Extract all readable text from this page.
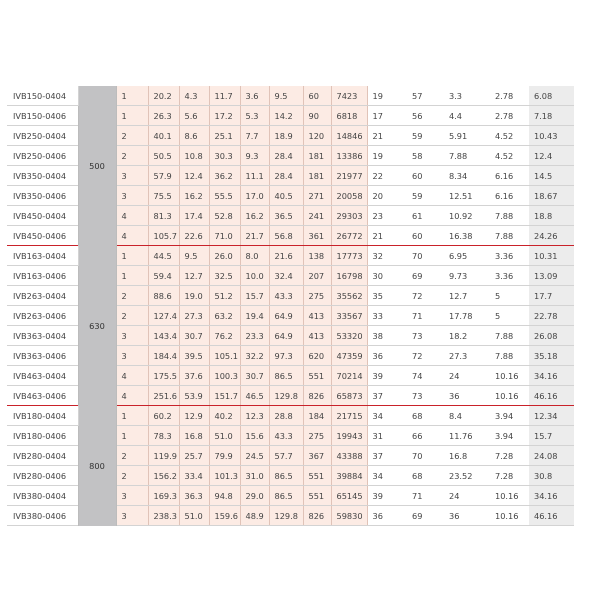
IVB150-0404	500	1	20.2	4.3	11.7	3.6	9.5	60	7423	19	57	3.3	2.78	6.08
IVB150-0406		1	26.3	5.6	17.2	5.3	14.2	90	6818	17	56	4.4	2.78	7.18
IVB250-0404		2	40.1	8.6	25.1	7.7	18.9	120	14846	21	59	5.91	4.52	10.43
IVB250-0406		2	50.5	10.8	30.3	9.3	28.4	181	13386	19	58	7.88	4.52	12.4
IVB350-0404		3	57.9	12.4	36.2	11.1	28.4	181	21977	22	60	8.34	6.16	14.5
IVB350-0406		3	75.5	16.2	55.5	17.0	40.5	271	20058	20	59	12.51	6.16	18.67
IVB450-0404		4	81.3	17.4	52.8	16.2	36.5	241	29303	23	61	10.92	7.88	18.8
IVB450-0406		4	105.7	22.6	71.0	21.7	56.8	361	26772	21	60	16.38	7.88	24.26
IVB163-0404	630	1	44.5	9.5	26.0	8.0	21.6	138	17773	32	70	6.95	3.36	10.31
IVB163-0406		1	59.4	12.7	32.5	10.0	32.4	207	16798	30	69	9.73	3.36	13.09
IVB263-0404		2	88.6	19.0	51.2	15.7	43.3	275	35562	35	72	12.7	5	17.7
IVB263-0406		2	127.4	27.3	63.2	19.4	64.9	413	33567	33	71	17.78	5	22.78
IVB363-0404		3	143.4	30.7	76.2	23.3	64.9	413	53320	38	73	18.2	7.88	26.08
IVB363-0406		3	184.4	39.5	105.1	32.2	97.3	620	47359	36	72	27.3	7.88	35.18
IVB463-0404		4	175.5	37.6	100.3	30.7	86.5	551	70214	39	74	24	10.16	34.16
IVB463-0406		4	251.6	53.9	151.7	46.5	129.8	826	65873	37	73	36	10.16	46.16
IVB180-0404	800	1	60.2	12.9	40.2	12.3	28.8	184	21715	34	68	8.4	3.94	12.34
IVB180-0406		1	78.3	16.8	51.0	15.6	43.3	275	19943	31	66	11.76	3.94	15.7
IVB280-0404		2	119.9	25.7	79.9	24.5	57.7	367	43388	37	70	16.8	7.28	24.08
IVB280-0406		2	156.2	33.4	101.3	31.0	86.5	551	39884	34	68	23.52	7.28	30.8
IVB380-0404		3	169.3	36.3	94.8	29.0	86.5	551	65145	39	71	24	10.16	34.16
IVB380-0406		3	238.3	51.0	159.6	48.9	129.8	826	59830	36	69	36	10.16	46.16
